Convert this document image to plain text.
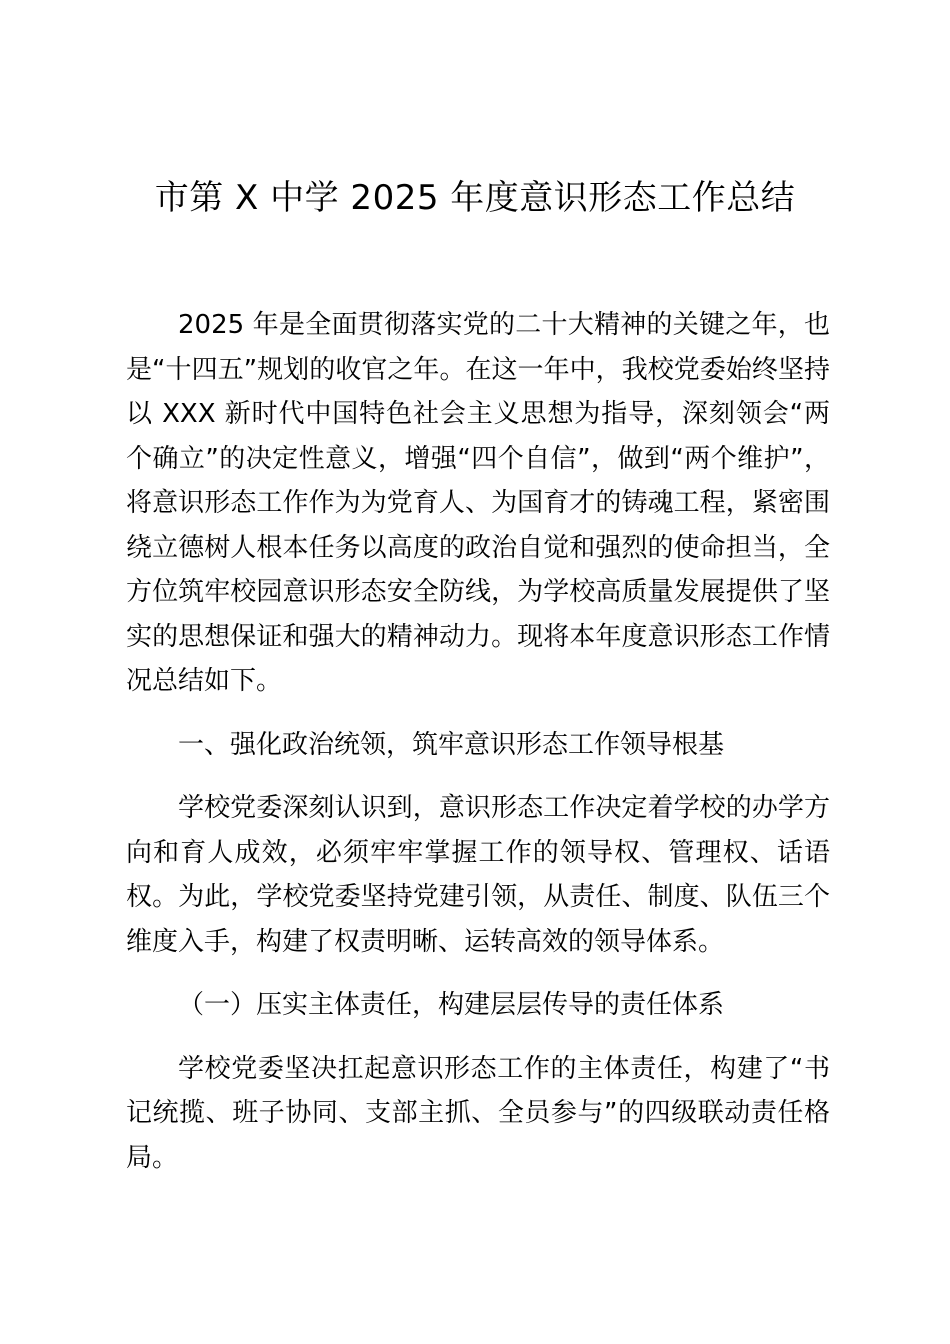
市第 X 中学 2025 年度意识形态工作总结

2025 年是全面贯彻落实党的二十大精神的关键之年，也是“十四五”规划的收官之年。在这一年中，我校党委始终坚持以 XXX 新时代中国特色社会主义思想为指导，深刻领会“两个确立”的决定性意义，增强“四个自信”，做到“两个维护”，将意识形态工作作为为党育人、为国育才的铸魂工程，紧密围绕立德树人根本任务以高度的政治自觉和强烈的使命担当，全方位筑牢校园意识形态安全防线，为学校高质量发展提供了坚实的思想保证和强大的精神动力。现将本年度意识形态工作情况总结如下。

一、强化政治统领，筑牢意识形态工作领导根基

学校党委深刻认识到，意识形态工作决定着学校的办学方向和育人成效，必须牢牢掌握工作的领导权、管理权、话语权。为此，学校党委坚持党建引领，从责任、制度、队伍三个维度入手，构建了权责明晰、运转高效的领导体系。

（一）压实主体责任，构建层层传导的责任体系

学校党委坚决扛起意识形态工作的主体责任，构建了“书记统揽、班子协同、支部主抓、全员参与”的四级联动责任格局。
